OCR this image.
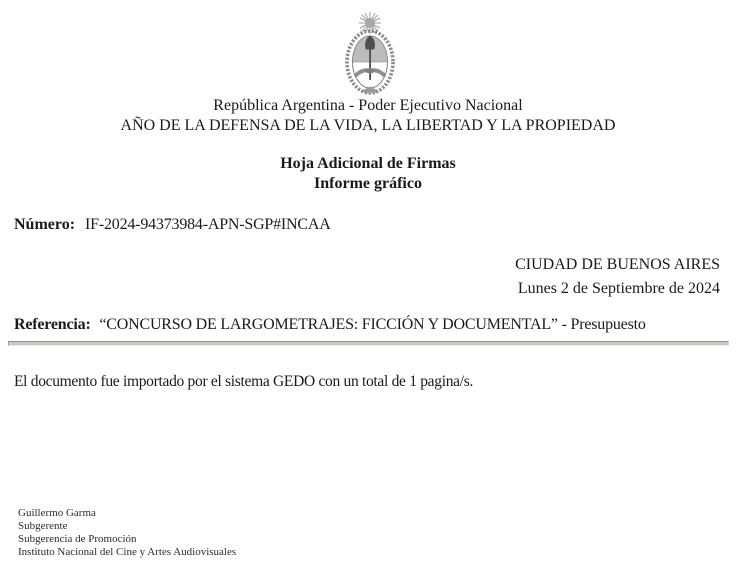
República Argentina - Poder Ejecutivo Nacional
AÑO DE LA DEFENSA DE LA VIDA, LA LIBERTAD Y LA PROPIEDAD
Hoja Adicional de Firmas
Informe gráfico
Número: IF-2024-94373984-APN-SGP#INCAA
CIUDAD DE BUENOS AIRES
Lunes 2 de Septiembre de 2024
Referencia: “CONCURSO DE LARGOMETRAJES: FICCIÓN Y DOCUMENTAL” - Presupuesto
El documento fue importado por el sistema GEDO con un total de 1 pagina/s.
Guillermo Garma
Subgerente
Subgerencia de Promoción
Instituto Nacional del Cine y Artes Audiovisuales
